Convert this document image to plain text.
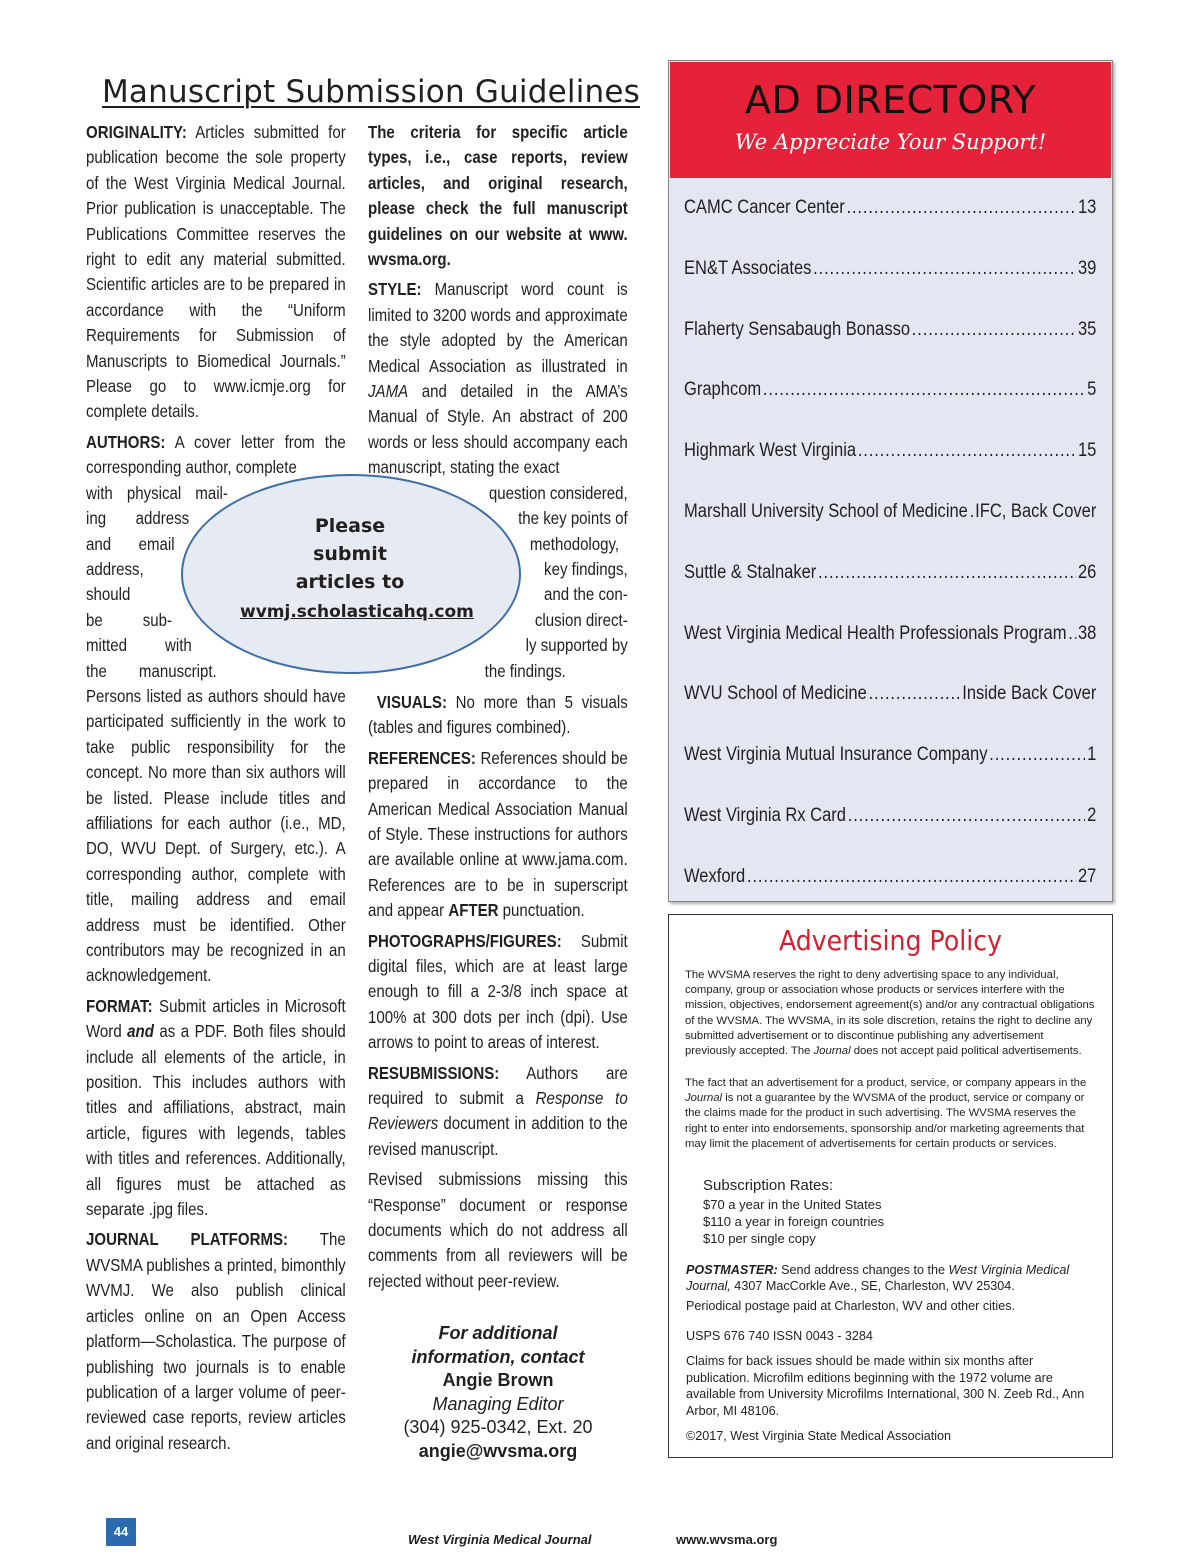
Manuscript Submission Guidelines

ORIGINALITY: Articles submitted for publication become the sole property of the West Virginia Medical Journal. Prior publication is unacceptable. The Publications Committee reserves the right to edit any material submitted. Scientific articles are to be prepared in accordance with the “Uniform Requirements for Submission of Manuscripts to Biomedical Journals.” Please go to www.icmje.org for complete details.

AUTHORS: A cover letter from the corresponding author, complete

with physical mail-
ing address
and email
address,
should
be sub-
mitted with
the manuscript.

Persons listed as authors should have participated sufficiently in the work to take public responsibility for the concept. No more than six authors will be listed. Please include titles and affiliations for each author (i.e., MD, DO, WVU Dept. of Surgery, etc.). A corresponding author, complete with title, mailing address and email address must be identified. Other contributors may be recognized in an acknowledgement.

FORMAT: Submit articles in Microsoft Word and as a PDF. Both files should include all elements of the article, in position. This includes authors with titles and affiliations, abstract, main article, figures with legends, tables with titles and references. Additionally, all figures must be attached as separate .jpg files.

JOURNAL PLATFORMS: The WVSMA publishes a printed, bimonthly WVMJ. We also publish clinical articles online on an Open Access platform—Scholastica. The purpose of publishing two journals is to enable publication of a larger volume of peer-reviewed case reports, review articles and original research.

The criteria for specific article types, i.e., case reports, review articles, and original research, please check the full manuscript guidelines on our website at www. wvsma.org.

STYLE: Manuscript word count is limited to 3200 words and approximate the style adopted by the American Medical Association as illustrated in JAMA and detailed in the AMA’s Manual of Style. An abstract of 200 words or less should accompany each manuscript, stating the exact

question considered,
the key points of
methodology,
key findings,
and the con-
clusion direct-
ly supported by
the findings.

VISUALS: No more than 5 visuals (tables and figures combined).

REFERENCES: References should be prepared in accordance to the American Medical Association Manual of Style. These instructions for authors are available online at www.jama.com. References are to be in superscript and appear AFTER punctuation.

PHOTOGRAPHS/FIGURES: Submit digital files, which are at least large enough to fill a 2-3/8 inch space at 100% at 300 dots per inch (dpi). Use arrows to point to areas of interest.

RESUBMISSIONS: Authors are required to submit a Response to Reviewers document in addition to the revised manuscript.

Revised submissions missing this “Response” document or response documents which do not address all comments from all reviewers will be rejected without peer-review.

For additional
information, contact
Angie Brown
Managing Editor
(304) 925-0342, Ext. 20
angie@wvsma.org
Please
submit
articles to
wvmj.scholasticahq.com
AD DIRECTORY
We Appreciate Your Support!
CAMC Cancer Center .....	13
EN&T Associates .....	39
Flaherty Sensabaugh Bonasso .....	35
Graphcom .....	5
Highmark West Virginia .....	15
Marshall University School of Medicine ..... IFC, Back Cover
Suttle & Stalnaker .....	26
West Virginia Medical Health Professionals Program ..... 38
WVU School of Medicine .....	Inside Back Cover
West Virginia Mutual Insurance Company .....	1
West Virginia Rx Card .....	2
Wexford .....	27
Advertising Policy
The WVSMA reserves the right to deny advertising space to any individual, company, group or association whose products or services interfere with the mission, objectives, endorsement agreement(s) and/or any contractual obligations of the WVSMA. The WVSMA, in its sole discretion, retains the right to decline any submitted advertisement or to discontinue publishing any advertisement previously accepted. The Journal does not accept paid political advertisements.
The fact that an advertisement for a product, service, or company appears in the Journal is not a guarantee by the WVSMA of the product, service or company or the claims made for the product in such advertising. The WVSMA reserves the right to enter into endorsements, sponsorship and/or marketing agreements that may limit the placement of advertisements for certain products or services.
Subscription Rates:
$70 a year in the United States
$110 a year in foreign countries
$10 per single copy
POSTMASTER: Send address changes to the West Virginia Medical Journal, 4307 MacCorkle Ave., SE, Charleston, WV 25304.
Periodical postage paid at Charleston, WV and other cities.
USPS 676 740 ISSN 0043 - 3284
Claims for back issues should be made within six months after publication. Microfilm editions beginning with the 1972 volume are available from University Microfilms International, 300 N. Zeeb Rd., Ann Arbor, MI 48106.
©2017, West Virginia State Medical Association
44
West Virginia Medical Journal	www.wvsma.org
